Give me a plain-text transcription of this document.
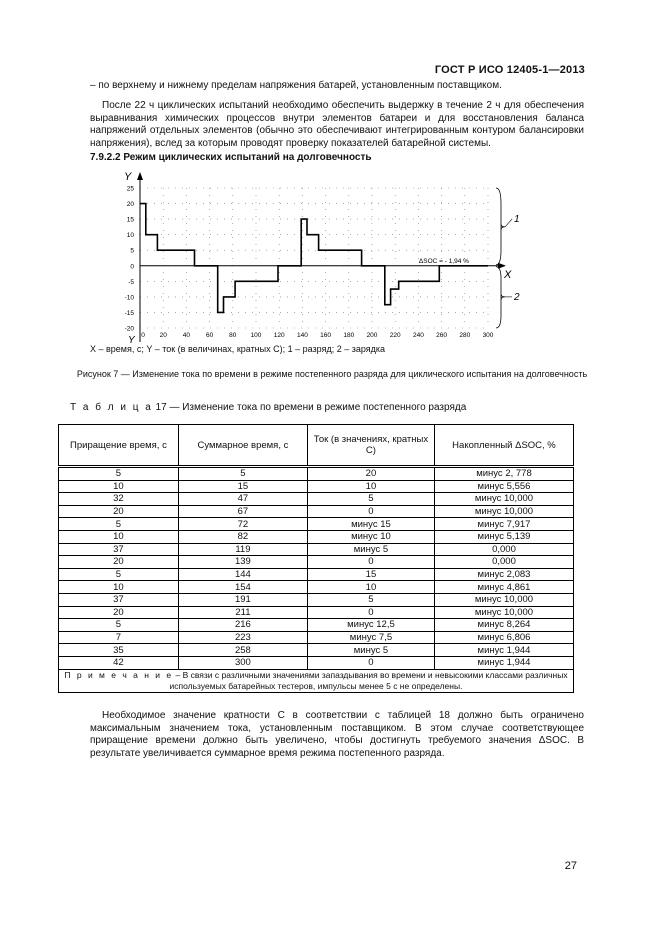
ГОСТ Р ИСО 12405-1—2013
– по верхнему и нижнему пределам напряжения батарей, установленным поставщиком.
После 22 ч циклических испытаний необходимо обеспечить выдержку в течение 2 ч для обеспечения выравнивания химических процессов внутри элементов батареи и для восстановления баланса напряжений отдельных элементов (обычно это обеспечивают интегрированным контуром балансировки напряжения), вслед за которым проводят проверку показателей батарейной системы.
7.9.2.2 Режим циклических испытаний на долговечность
25
20
15
10
5
0
-5
-10
-15
-20
0 20 40 60 80 100 120 140 160 180 200 220 240 260 280 300
Y
Y
X
ΔSOC = - 1,94 %
1
2
X – время, с; Y – ток (в величинах, кратных C); 1 – разряд; 2 – зарядка
Рисунок 7 — Изменение тока по времени в режиме постепенного разряда для циклического испытания на долговечность
Т а б л и ц а 17 — Изменение тока по времени в режиме постепенного разряда
Приращение время, с	Суммарное время, с	Ток (в значениях, кратных C)	Накопленный ΔSOC, %
5	5	20	минус 2, 778
10	15	10	минус 5,556
32	47	5	минус 10,000
20	67	0	минус 10,000
5	72	минус 15	минус 7,917
10	82	минус 10	минус 5,139
37	119	минус 5	0,000
20	139	0	0,000
5	144	15	минус 2,083
10	154	10	минус 4,861
37	191	5	минус 10,000
20	211	0	минус 10,000
5	216	минус 12,5	минус 8,264
7	223	минус 7,5	минус 6,806
35	258	минус 5	минус 1,944
42	300	0	минус 1,944
П р и м е ч а н и е – В связи с различными значениями запаздывания во времени и невысокими классами различных используемых батарейных тестеров, импульсы менее 5 с не определены.			
Необходимое значение кратности C в соответствии с таблицей 18 должно быть ограничено максимальным значением тока, установленным поставщиком. В этом случае соответствующее приращение времени должно быть увеличено, чтобы достигнуть требуемого значения ΔSOC. В результате увеличивается суммарное время режима постепенного разряда.
27
